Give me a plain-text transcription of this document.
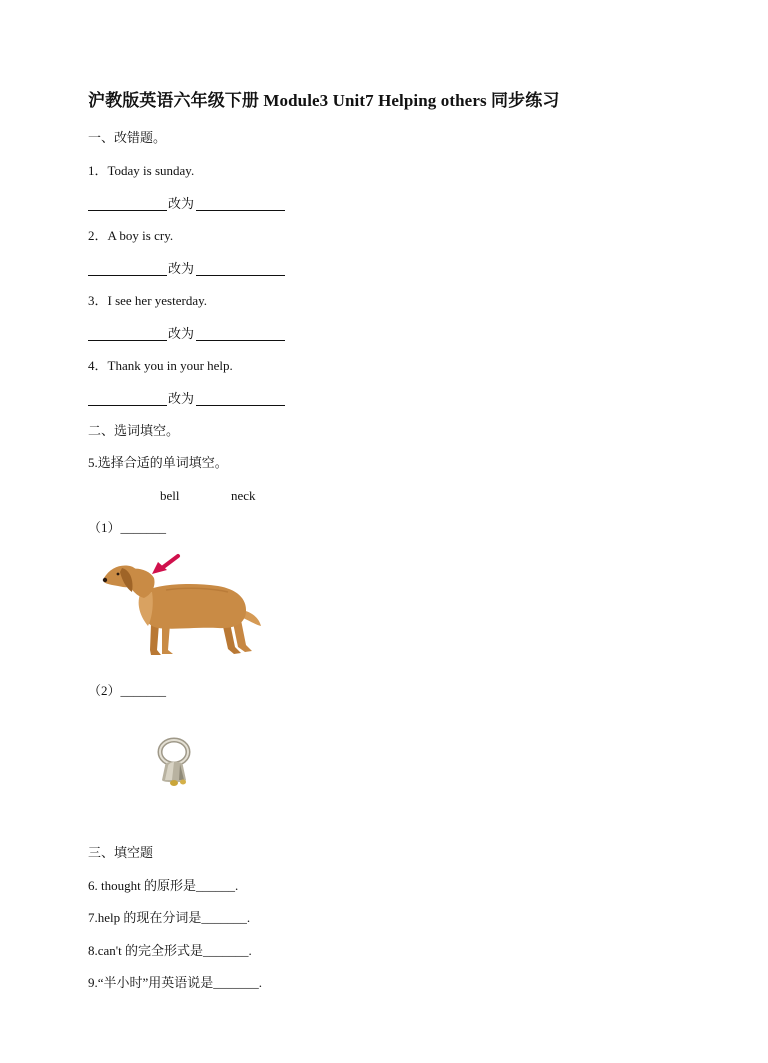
沪教版英语六年级下册 Module3 Unit7 Helping others 同步练习
一、改错题。
1．Today is sunday.
改为
2．A boy is cry.
改为
3．I see her yesterday.
改为
4．Thank you in your help.
改为
二、选词填空。
5.选择合适的单词填空。
bell	neck
（1）_______
（2）_______
三、填空题
6. thought 的原形是______.
7.help 的现在分词是_______.
8.can't 的完全形式是_______.
9.“半小时”用英语说是_______.
